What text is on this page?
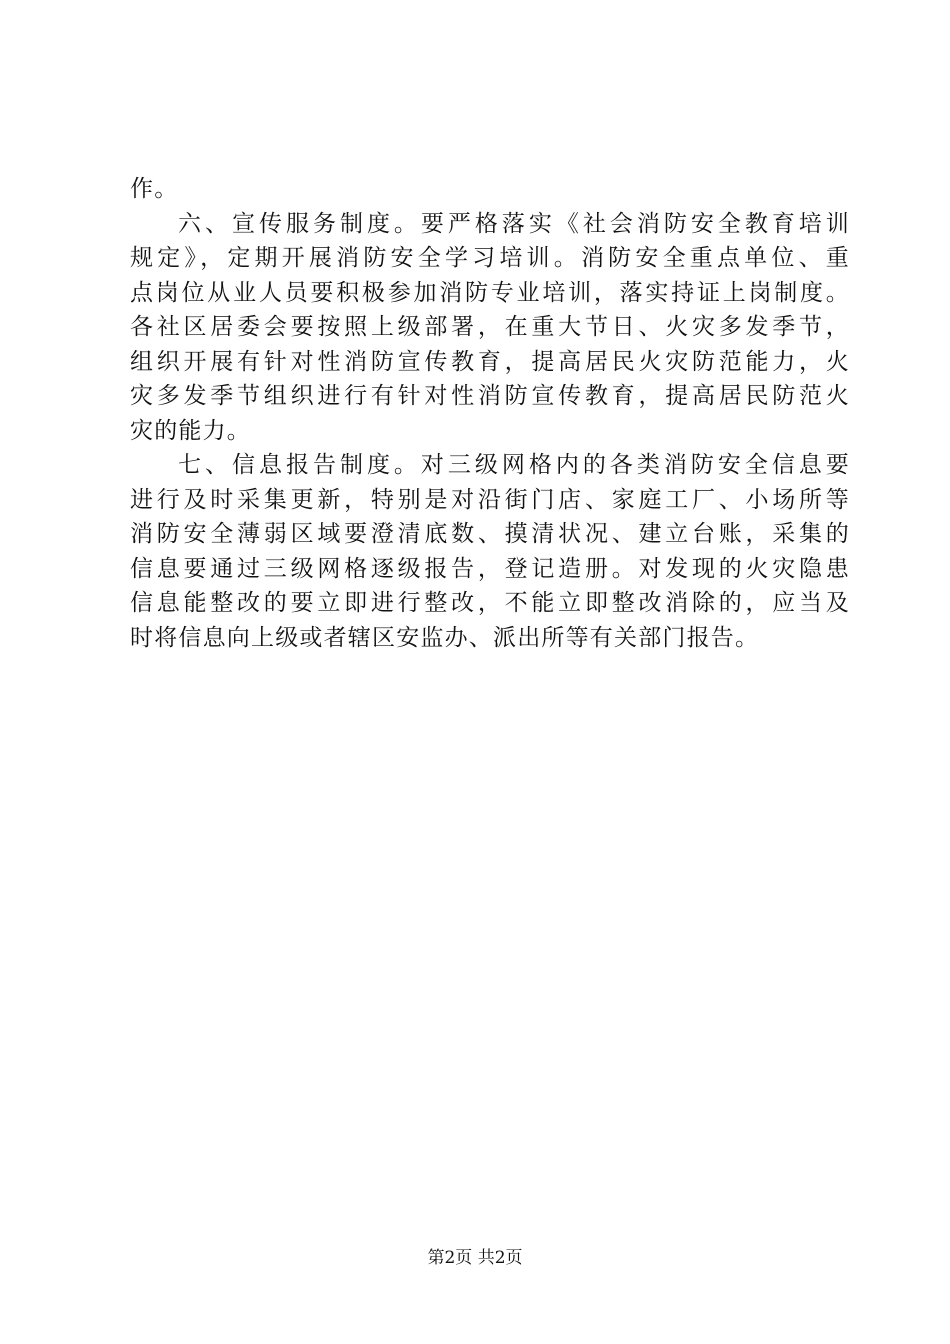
作。
六、宣传服务制度。要严格落实《社会消防安全教育培训
规定》，定期开展消防安全学习培训。消防安全重点单位、重
点岗位从业人员要积极参加消防专业培训，落实持证上岗制度。
各社区居委会要按照上级部署，在重大节日、火灾多发季节，
组织开展有针对性消防宣传教育，提高居民火灾防范能力，火
灾多发季节组织进行有针对性消防宣传教育，提高居民防范火
灾的能力。
七、信息报告制度。对三级网格内的各类消防安全信息要
进行及时采集更新，特别是对沿街门店、家庭工厂、小场所等
消防安全薄弱区域要澄清底数、摸清状况、建立台账，采集的
信息要通过三级网格逐级报告，登记造册。对发现的火灾隐患
信息能整改的要立即进行整改，不能立即整改消除的，应当及
时将信息向上级或者辖区安监办、派出所等有关部门报告。
第2页 共2页
